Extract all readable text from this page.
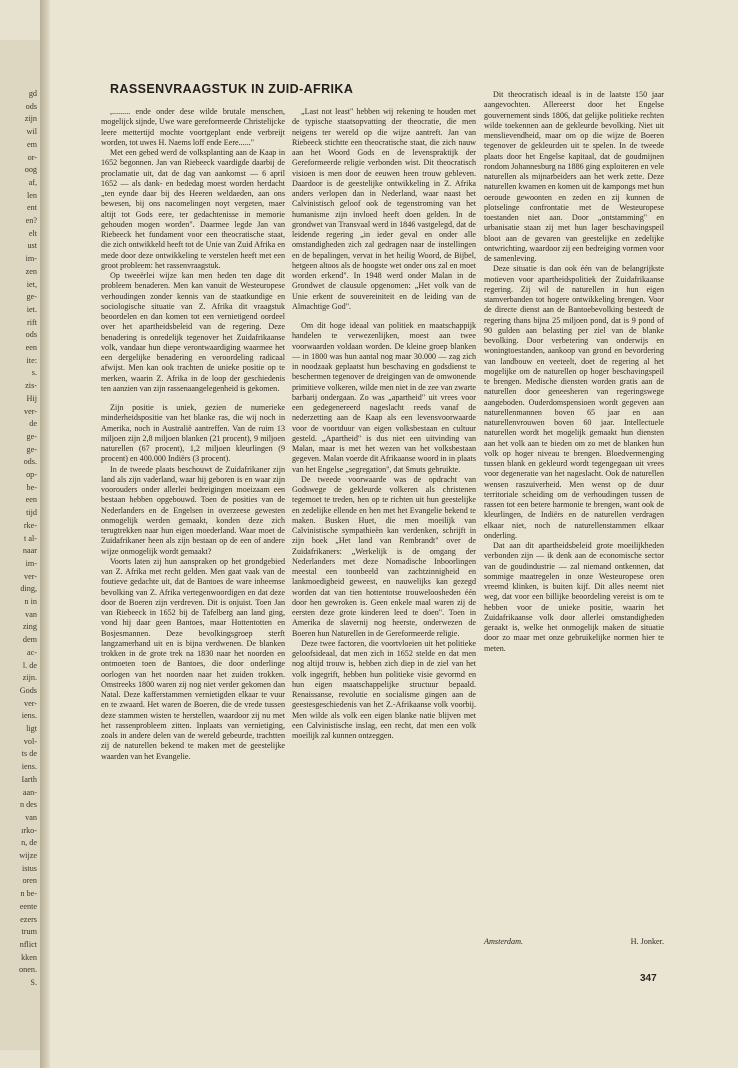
gd
ods
zijn
wil
em
or-
oog
af,
len
ent
en?
elt
ust
im-
zen
iet,
ge-
iet.
rift
ods
een
ite:
s.
zis-
Hij
ver-
de
ge-
ge-
ods.
op-
be-
een
tijd
rke-
t al-
naar
im-
ver-
ding,
n in
van
zing
dem
ac-
l. de
zijn.
Gods
ver-
iens.
ligt
vol-
ts de
iens.
Iarth
aan-
n des
van
ırko-
n, de
wijze
istus
oren
n be-
eente
ezers
trum
nflict
kken
onen.
S.
RASSENVRAAGSTUK IN ZUID-AFRIKA

,......... ende onder dese wilde brutale menschen, mogelijck sijnde, Uwe ware gereformeerde Christelijcke leere mettertijd mochte voortgeplant ende verbreijt worden, tot uwes H. Naems loff ende Eere......"

Met een gebed werd de volksplanting aan de Kaap in 1652 begonnen. Jan van Riebeeck vaardigde daarbij de proclamatie uit, dat de dag van aankomst — 6 april 1652 — als dank- en bededag moest worden herdacht „ten eynde daar bij des Heeren weldaeden, aan ons bewesen, bij ons nacomelingen noyt vergeten, maer altijt tot Gods eere, ter gedachtenisse in memorie gehouden mogen worden". Daarmee legde Jan van Riebeeck het fundament voor een theocratische staat, die zich ontwikkeld heeft tot de Unie van Zuid Afrika en mede door deze ontwikkeling te verstelen heeft met een groot probleem: het rassenvraagstuk.

Op tweeërlei wijze kan men heden ten dage dit probleem benaderen. Men kan vanuit de Westeuropese verhoudingen zonder kennis van de staatkundige en sociologische situatie van Z. Afrika dit vraagstuk beoordelen en dan komen tot een vernietigend oordeel over het apartheidsbeleid van de regering. Deze benadering is onredelijk tegenover het Zuidafrikaanse volk, vandaar hun diepe verontwaardiging waarmee het een dergelijke benadering en veroordeling radicaal afwijst. Men kan ook trachten de unieke positie op te merken, waarin Z. Afrika in de loop der geschiedenis ten aanzien van zijn rassenaangelegenheid is gekomen.

Zijn positie is uniek, gezien de numerieke minderheidspositie van het blanke ras, die wij noch in Amerika, noch in Australië aantreffen. Van de ruim 13 miljoen zijn 2,8 miljoen blanken (21 procent), 9 miljoen naturellen (67 procent), 1,2 miljoen kleurlingen (9 procent) en 400.000 Indiërs (3 procent).

In de tweede plaats beschouwt de Zuidafrikaner zijn land als zijn vaderland, waar hij geboren is en waar zijn voorouders onder allerlei bedreigingen moeizaam een bestaan hebben opgebouwd. Toen de posities van de Nederlanders en de Engelsen in overzeese gewesten onmogelijk werden gemaakt, konden deze zich terugtrekken naar hun eigen moederland. Waar moet de Zuidafrikaner heen als zijn bestaan op de een of andere wijze onmogelijk wordt gemaakt?

Voorts laten zij hun aanspraken op het grondgebied van Z. Afrika met recht gelden. Men gaat vaak van de foutieve gedachte uit, dat de Bantoes de ware inheemse bevolking van Z. Afrika vertegenwoordigen en dat deze door de Boeren zijn verdreven. Dit is onjuist. Toen Jan van Riebeeck in 1652 bij de Tafelberg aan land ging, vond hij daar geen Bantoes, maar Hottentotten en Bosjesmannen. Deze bevolkingsgroep sterft langzamerhand uit en is bijna verdwenen. De blanken trokken in de grote trek na 1830 naar het noorden en ontmoeten toen de Bantoes, die door onderlinge oorlogen van het noorden naar het zuiden trokken. Omstreeks 1800 waren zij nog niet verder gekomen dan Natal. Deze kafferstammen vernietigden elkaar te vuur en te zwaard. Het waren de Boeren, die de vrede tussen deze stammen wisten te herstellen, waardoor zij nu met het rassenprobleem zitten. Inplaats van vernietiging, zoals in andere delen van de wereld gebeurde, trachtten zij de naturellen bekend te maken met de geestelijke waarden van het Evangelie.

„Last not least" hebben wij rekening te houden met de typische staatsopvatting der theocratie, die men neigens ter wereld op die wijze aantreft. Jan van Riebeeck stichtte een theocratische staat, die zich nauw aan het Woord Gods en de levenspraktijk der Gereformeerde religie verbonden wist. Dit theocratisch visioen is men door de eeuwen heen trouw gebleven. Daardoor is de geestelijke ontwikkeling in Z. Afrika anders verlopen dan in Nederland, waar naast het Calvinistisch geloof ook de tegenstroming van het humanisme zijn invloed heeft doen gelden. In de grondwet van Transvaal werd in 1846 vastgelegd, dat de leidende regering „in ieder geval en onder alle omstandigheden zich zal gedragen naar de instellingen en de bepalingen, vervat in het heilig Woord, de Bijbel, hetgeen altoos als de hoogste wet onder ons zal en moet worden erkend". In 1948 werd onder Malan in de Grondwet de clausule opgenomen: „Het volk van de Unie erkent de souvereiniteit en de leiding van de Almachtige God".

Om dit hoge ideaal van politiek en maatschappijk handelen te verwezenlijken, moest aan twee voorwaarden voldaan worden. De kleine groep blanken — in 1800 was hun aantal nog maar 30.000 — zag zich in noodzaak geplaatst hun beschaving en godsdienst te beschermen tegenover de dreigingen van de omwonende primitieve volkeren, wilde men niet in de zee van zwarte barbarij ondergaan. Zo was „apartheid" uit vrees voor een gedegenereerd nageslacht reeds vanaf de nederzetting aan de Kaap als een levensvoorwaarde voor de voortduur van eigen volksbestaan en cultuur gesteld. „Apartheid" is dus niet een uitvinding van Malan, maar is met het wezen van het volksbestaan gegeven. Malan voerde dit Afrikaanse woord in in plaats van het Engelse „segregation", dat Smuts gebruikte.

De tweede voorwaarde was de opdracht van Godswege de gekleurde volkeren als christenen tegemoet te treden, hen op te richten uit hun geestelijke en zedelijke ellende en hen met het Evangelie bekend te maken. Busken Huet, die men moeilijk van Calvinistische sympathieën kan verdenken, schrijft in zijn boek „Het land van Rembrandt" over de Zuidafrikaners: „Werkelijk is de omgang der Nederlanders met deze Nomadische Inboorlingen meestal een toonbeeld van zachtzinnigheid en lankmoedigheid geweest, en nauwelijks kan gezegd worden dat van tien hottentotse trouweloosheden één door hen gewroken is. Geen enkele maal waren zij de eersten deze grote kinderen leed te doen". Toen in Amerika de slavernij nog heerste, onderwezen de Boeren hun Naturellen in de Gereformeerde religie.

Deze twee factoren, die voortvloeien uit het politieke geloofsideaal, dat men zich in 1652 stelde en dat men nog altijd trouw is, hebben zich diep in de ziel van het volk ingegrift, hebben hun politieke visie gevormd en hun eigen maatschappelijke structuur bepaald. Renaissanse, revolutie en socialisme gingen aan de geestesgeschiedenis van het Z.-Afrikaanse volk voorbij. Men wilde als volk een eigen blanke natie blijven met een Calvinistische inslag, een recht, dat men een volk moeilijk zal kunnen ontzeggen.

Dit theocratisch ideaal is in de laatste 150 jaar aangevochten. Allereerst door het Engelse gouvernement sinds 1806, dat gelijke politieke rechten wilde toekennen aan de gekleurde bevolking. Niet uit menslievendheid, maar om op die wijze de Boeren tegenover de gekleurden uit te spelen. In de tweede plaats door het Engelse kapitaal, dat de goudmijnen rondom Johannesburg na 1886 ging exploiteren en vele naturellen als mijnarbeiders aan het werk zette. Deze naturellen kwamen en komen uit de kampongs met hun oeroude gewoonten en zeden en zij kunnen de plotselinge confrontatie met de Westeuropese toestanden niet aan. Door „ontstamming" en urbanisatie staan zij met hun lager beschavingspeil bloot aan de gevaren van geestelijke en zedelijke ontwrichting, waardoor zij een bedreiging vormen voor de samenleving.

Deze situatie is dan ook één van de belangrijkste motieven voor apartheidspolitiek der Zuidafrikaanse regering. Zij wil de naturellen in hun eigen stamverbanden tot hogere ontwikkeling brengen. Voor de directe dienst aan de Bantoebevolking besteedt de regering thans bijna 25 miljoen pond, dat is 9 pond of 90 gulden aan belasting per ziel van de blanke bevolking. Door verbetering van onderwijs en woningtoestanden, aankoop van grond en bevordering van landbouw en veeteelt, doet de regering al het mogelijke om de naturellen op hoger beschavingspeil te brengen. Medische diensten worden gratis aan de naturellen door geneesheren van regeringswege aangeboden. Ouderdomspensioen wordt gegeven aan naturellenmannen boven 65 jaar en aan naturellenvrouwen boven 60 jaar. Intellectuele naturellen wordt het mogelijk gemaakt hun diensten aan het volk aan te bieden om zo met de blanken hun volk op hoger niveau te brengen. Bloedvermenging tussen blank en gekleurd wordt tegengegaan uit vrees voor degeneratie van het nageslacht. Ook de naturellen wensen raszuiverheid. Men wenst op de duur territoriale scheiding om de verhoudingen tussen de rassen tot een betere harmonie te brengen, want ook de kleurlingen, de Indiërs en de naturellen verdragen elkaar niet, noch de naturellenstammen elkaar onderling.

Dat aan dit apartheidsbeleid grote moeilijkheden verbonden zijn — ik denk aan de economische sector van de goudindustrie — zal niemand ontkennen, dat sommige maatregelen in onze Westeuropese oren vreemd klinken, is buiten kijf. Dit alles neemt niet weg, dat voor een billijke beoordeling vereist is om te hebben voor de unieke positie, waarin het Zuidafrikaanse volk door allerlei omstandigheden geraakt is, welke het onmogelijk maken de situatie door zo maar met onze gebruikelijke normen hier te meten.

Amsterdam.	H. Jonker.
347
